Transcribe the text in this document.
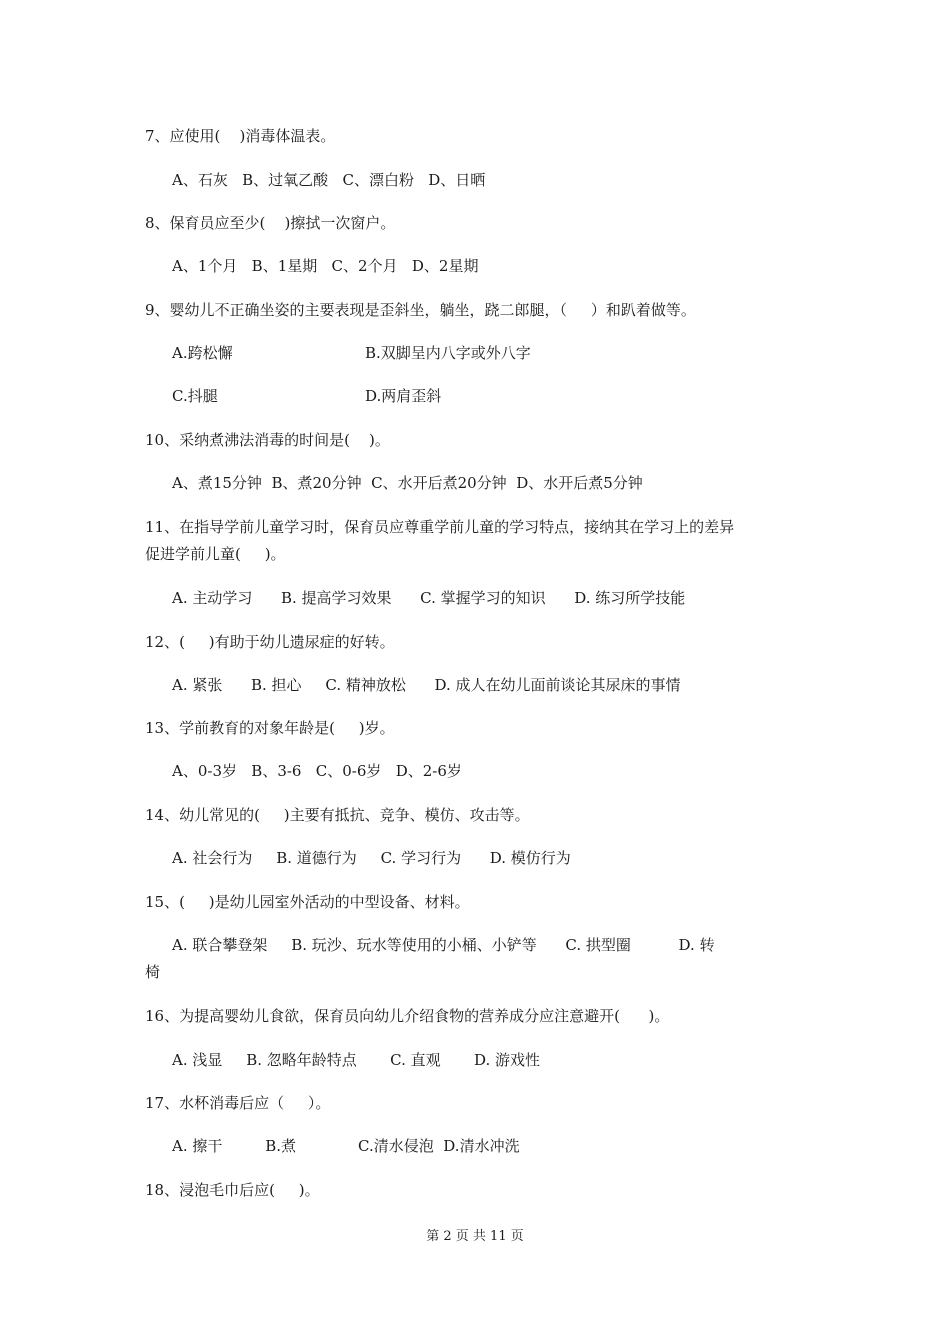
7、应使用(    )消毒体温表。
A、石灰   B、过氧乙酸   C、漂白粉   D、日晒
8、保育员应至少(    )擦拭一次窗户。
A、1个月   B、1星期   C、2个月   D、2星期
9、婴幼儿不正确坐姿的主要表现是歪斜坐，躺坐，跷二郎腿，（     ）和趴着做等。
A.跨松懈	B.双脚呈内八字或外八字
C.抖腿	D.两肩歪斜
10、采纳煮沸法消毒的时间是(    )。
A、煮15分钟  B、煮20分钟  C、水开后煮20分钟  D、水开后煮5分钟
11、在指导学前儿童学习时，保育员应尊重学前儿童的学习特点，接纳其在学习上的差异
促进学前儿童(     )。
A. 主动学习      B. 提高学习效果      C. 掌握学习的知识      D. 练习所学技能
12、(     )有助于幼儿遗尿症的好转。
A. 紧张      B. 担心     C. 精神放松      D. 成人在幼儿面前谈论其尿床的事情
13、学前教育的对象年龄是(     )岁。
A、0-3岁   B、3-6   C、0-6岁   D、2-6岁
14、幼儿常见的(     )主要有抵抗、竞争、模仿、攻击等。
A. 社会行为     B. 道德行为     C. 学习行为      D. 模仿行为
15、(     )是幼儿园室外活动的中型设备、材料。
A. 联合攀登架     B. 玩沙、玩水等使用的小桶、小铲等      C. 拱型圈          D. 转
椅
16、为提高婴幼儿食欲，保育员向幼儿介绍食物的营养成分应注意避开(      )。
A. 浅显     B. 忽略年龄特点       C. 直观       D. 游戏性
17、水杯消毒后应（     ）。
A. 擦干         B.煮             C.清水侵泡  D.清水冲洗
18、浸泡毛巾后应(     )。
第 2 页 共 11 页
